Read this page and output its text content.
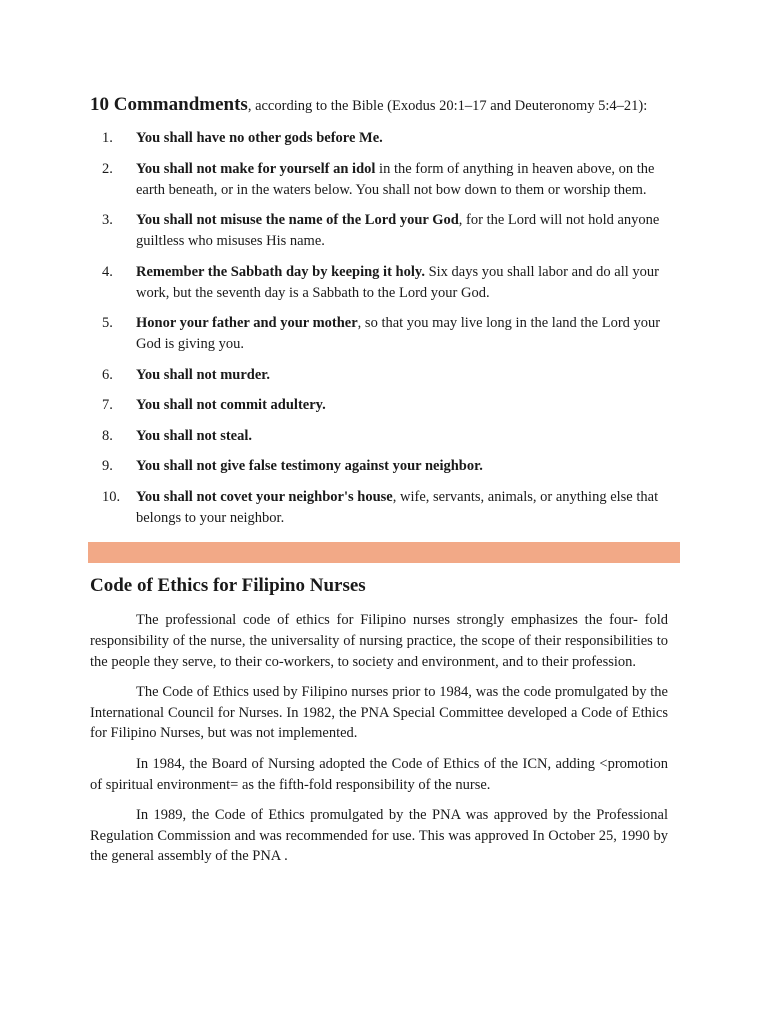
10 Commandments, according to the Bible (Exodus 20:1–17 and Deuteronomy 5:4–21):
1.	You shall have no other gods before Me.
2.	You shall not make for yourself an idol in the form of anything in heaven above, on the earth beneath, or in the waters below. You shall not bow down to them or worship them.
3.	You shall not misuse the name of the Lord your God, for the Lord will not hold anyone guiltless who misuses His name.
4.	Remember the Sabbath day by keeping it holy. Six days you shall labor and do all your work, but the seventh day is a Sabbath to the Lord your God.
5.	Honor your father and your mother, so that you may live long in the land the Lord your God is giving you.
6.	You shall not murder.
7.	You shall not commit adultery.
8.	You shall not steal.
9.	You shall not give false testimony against your neighbor.
10.	You shall not covet your neighbor's house, wife, servants, animals, or anything else that belongs to your neighbor.
Code of Ethics for Filipino Nurses

The professional code of ethics for Filipino nurses strongly emphasizes the four- fold responsibility of the nurse, the universality of nursing practice, the scope of their responsibilities to the people they serve, to their co-workers, to society and environment, and to their profession.

The Code of Ethics used by Filipino nurses prior to 1984, was the code promulgated by the International Council for Nurses. In 1982, the PNA Special Committee developed a Code of Ethics for Filipino Nurses, but was not implemented.

In 1984, the Board of Nursing adopted the Code of Ethics of the ICN, adding <promotion of spiritual environment= as the fifth-fold responsibility of the nurse.

In 1989, the Code of Ethics promulgated by the PNA was approved by the Professional Regulation Commission and was recommended for use. This was approved In October 25, 1990 by the general assembly of the PNA .
